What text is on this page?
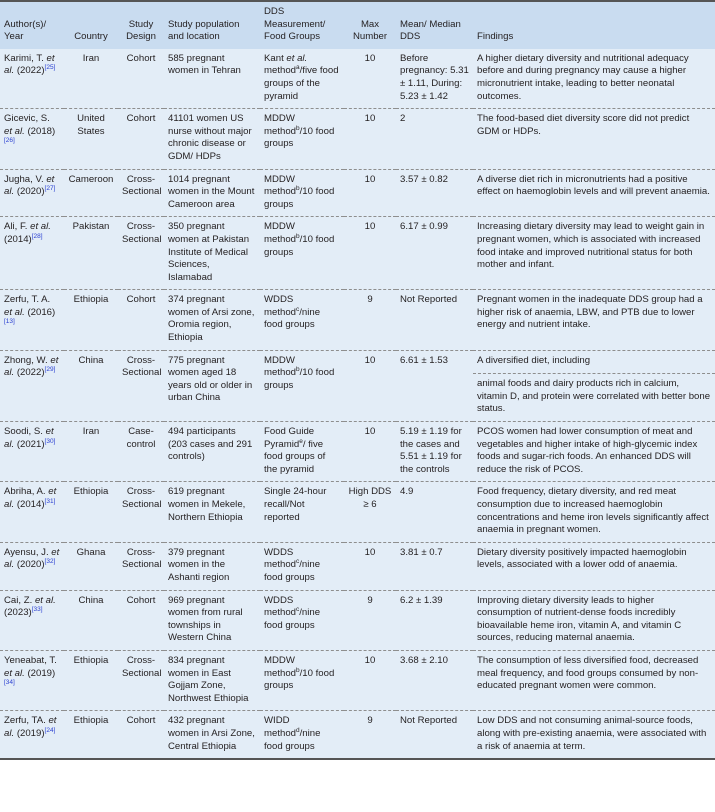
Author(s)/ Year	Country	Study Design	Study population and location	DDS Measurement/ Food Groups	Max Number	Mean/ Median DDS	Findings
Karimi, T. et al. (2022)[25]	Iran	Cohort	585 pregnant women in Tehran	Kant et al. method$^a$/five food groups of the pyramid	10	Before pregnancy: 5.31 ± 1.11, During: 5.23 ± 1.42	A higher dietary diversity and nutritional adequacy before and during pregnancy may cause a higher micronutrient intake, leading to better neonatal outcomes.

Gicevic, S. et al. (2018)[26]	United States	Cohort	41101 women US nurse without major chronic disease or GDM/ HDPs	MDDW method$^b$/10 food groups	10	2	The food-based diet diversity score did not predict GDM or HDPs.

Jugha, V. et al. (2020)[27]	Cameroon	Cross-Sectional	1014 pregnant women in the Mount Cameroon area	MDDW method$^b$/10 food groups	10	3.57 ± 0.82	A diverse diet rich in micronutrients had a positive effect on haemoglobin levels and will prevent anaemia.

Ali, F. et al. (2014)[28]	Pakistan	Cross-Sectional	350 pregnant women at Pakistan Institute of Medical Sciences, Islamabad	MDDW method$^b$/10 food groups	10	6.17 ± 0.99	Increasing dietary diversity may lead to weight gain in pregnant women, which is associated with increased food intake and improved nutritional status for both mother and infant.

Zerfu, T. A. et al. (2016)[13]	Ethiopia	Cohort	374 pregnant women of Arsi zone, Oromia region, Ethiopia	WDDS method$^c$/nine food groups	9	Not Reported	Pregnant women in the inadequate DDS group had a higher risk of anaemia, LBW, and PTB due to lower energy and nutrient intake.

Zhong, W. et al. (2022)[29]	China	Cross-Sectional	775 pregnant women aged 18 years old or older in urban China	MDDW method$^b$/10 food groups	10	6.61 ± 1.53	A diversified diet, including
animal foods and dairy products rich in calcium, vitamin D, and protein were correlated with better bone status.

Soodi, S. et al. (2021)[30]	Iran	Case-control	494 participants (203 cases and 291 controls)	Food Guide Pyramid$^e$/ five food groups of the pyramid	10	5.19 ± 1.19 for the cases and 5.51 ± 1.19 for the controls	PCOS women had lower consumption of meat and vegetables and higher intake of high-glycemic index foods and sugar-rich foods. An enhanced DDS will reduce the risk of PCOS.

Abriha, A. et al. (2014)[31]	Ethiopia	Cross-Sectional	619 pregnant women in Mekele, Northern Ethiopia	Single 24-hour recall/Not reported	High DDS ≥ 6	4.9	Food frequency, dietary diversity, and red meat consumption due to increased haemoglobin concentrations and heme iron levels significantly affect anaemia in pregnant women.

Ayensu, J. et al. (2020)[32]	Ghana	Cross-Sectional	379 pregnant women in the Ashanti region	WDDS method$^c$/nine food groups	10	3.81 ± 0.7	Dietary diversity positively impacted haemoglobin levels, associated with a lower odd of anaemia.

Cai, Z. et al. (2023)[33]	China	Cohort	969 pregnant women from rural townships in Western China	WDDS method$^c$/nine food groups	9	6.2 ± 1.39	Improving dietary diversity leads to higher consumption of nutrient-dense foods incredibly bioavailable heme iron, vitamin A, and vitamin C sources, reducing maternal anaemia.

Yeneabat, T. et al. (2019)[34]	Ethiopia	Cross-Sectional	834 pregnant women in East Gojjam Zone, Northwest Ethiopia	MDDW method$^b$/10 food groups	10	3.68 ± 2.10	The consumption of less diversified food, decreased meal frequency, and food groups consumed by non-educated pregnant women were common.

Zerfu, TA. et al. (2019)[24]	Ethiopia	Cohort	432 pregnant women in Arsi Zone, Central Ethiopia	WIDD method$^d$/nine food groups	9	Not Reported	Low DDS and not consuming animal-source foods, along with pre-existing anaemia, were associated with a risk of anaemia at term.
